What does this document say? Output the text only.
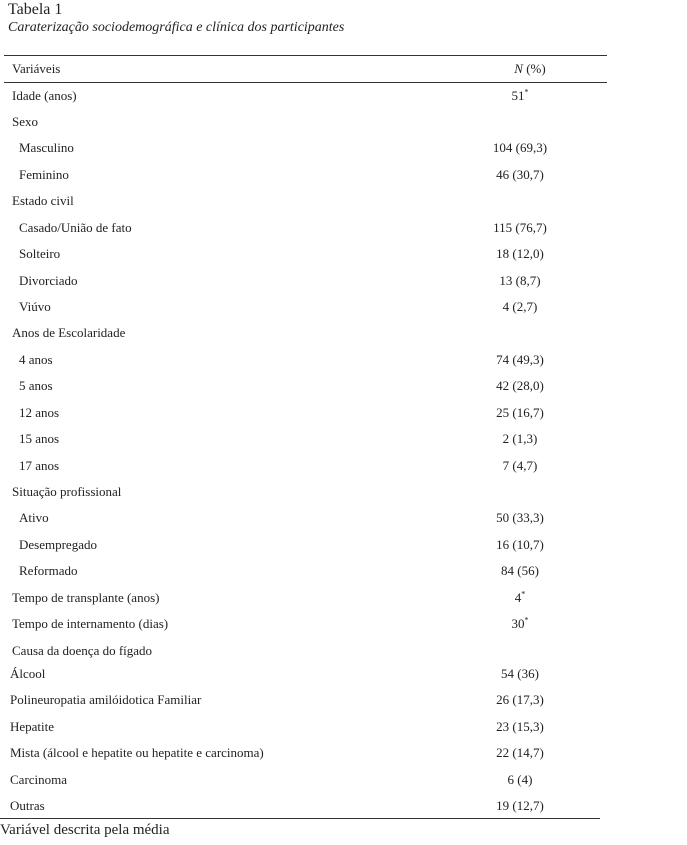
Tabela 1
Caraterização sociodemográfica e clínica dos participantes
Variáveis	N (%)
Idade (anos)	51*
Sexo
Masculino	104 (69,3)
Feminino	46 (30,7)
Estado civil
Casado/União de fato	115 (76,7)
Solteiro	18 (12,0)
Divorciado	13 (8,7)
Viúvo	4 (2,7)
Anos de Escolaridade
4 anos	74 (49,3)
5 anos	42 (28,0)
12 anos	25 (16,7)
15 anos	2 (1,3)
17 anos	7 (4,7)
Situação profissional
Ativo	50 (33,3)
Desempregado	16 (10,7)
Reformado	84 (56)
Tempo de transplante (anos)	4*
Tempo de internamento (dias)	30*
Causa da doença do fígado
Álcool	54 (36)
Polineuropatia amilóidotica Familiar	26 (17,3)
Hepatite	23 (15,3)
Mista (álcool e hepatite ou hepatite e carcinoma)	22 (14,7)
Carcinoma	6 (4)
Outras	19 (12,7)
Variável descrita pela média
